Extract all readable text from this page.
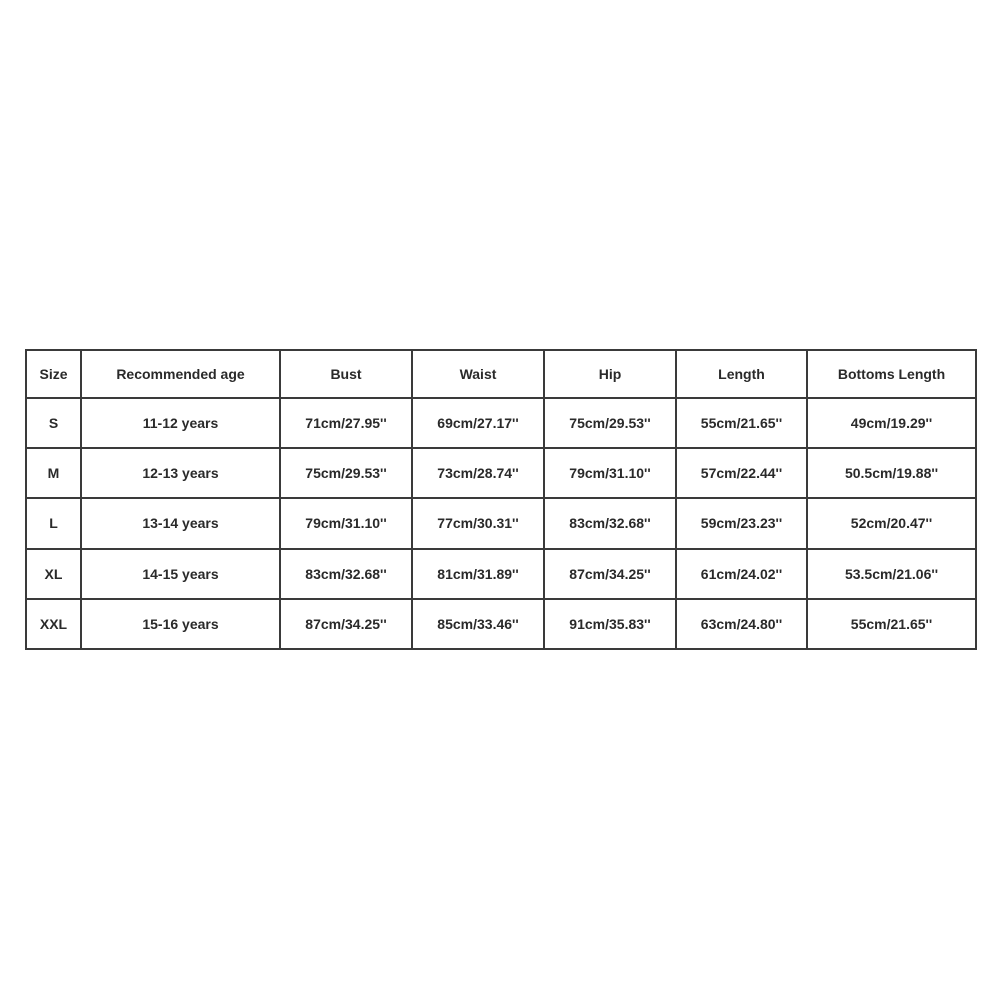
Size	Recommended age	Bust	Waist	Hip	Length	Bottoms Length
S	11-12 years	71cm/27.95''	69cm/27.17''	75cm/29.53''	55cm/21.65''	49cm/19.29''
M	12-13 years	75cm/29.53''	73cm/28.74''	79cm/31.10''	57cm/22.44''	50.5cm/19.88''
L	13-14 years	79cm/31.10''	77cm/30.31''	83cm/32.68''	59cm/23.23''	52cm/20.47''
XL	14-15 years	83cm/32.68''	81cm/31.89''	87cm/34.25''	61cm/24.02''	53.5cm/21.06''
XXL	15-16 years	87cm/34.25''	85cm/33.46''	91cm/35.83''	63cm/24.80''	55cm/21.65''
